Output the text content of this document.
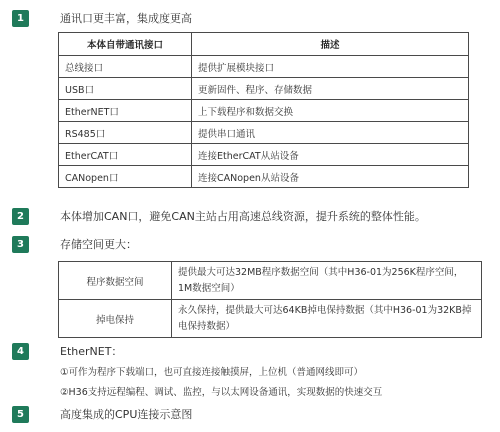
1	通讯口更丰富，集成度更高
本体自带通讯接口	描述
总线接口	提供扩展模块接口
USB口	更新固件、程序、存储数据
EtherNET口	上下载程序和数据交换
RS485口	提供串口通讯
EtherCAT口	连接EtherCAT从站设备
CANopen口	连接CANopen从站设备
2	本体增加CAN口，避免CAN主站占用高速总线资源，提升系统的整体性能。
3	存储空间更大：
程序数据空间	提供最大可达32MB程序数据空间（其中H36-01为256K程序空间，1M数据空间）
掉电保持	永久保持，提供最大可达64KB掉电保持数据（其中H36-01为32KB掉电保持数据）
4	EtherNET：
①可作为程序下载端口，也可直接连接触摸屏，上位机（普通网线即可）
②H36支持远程编程、调试、监控，与以太网设备通讯，实现数据的快速交互
5	高度集成的CPU连接示意图
